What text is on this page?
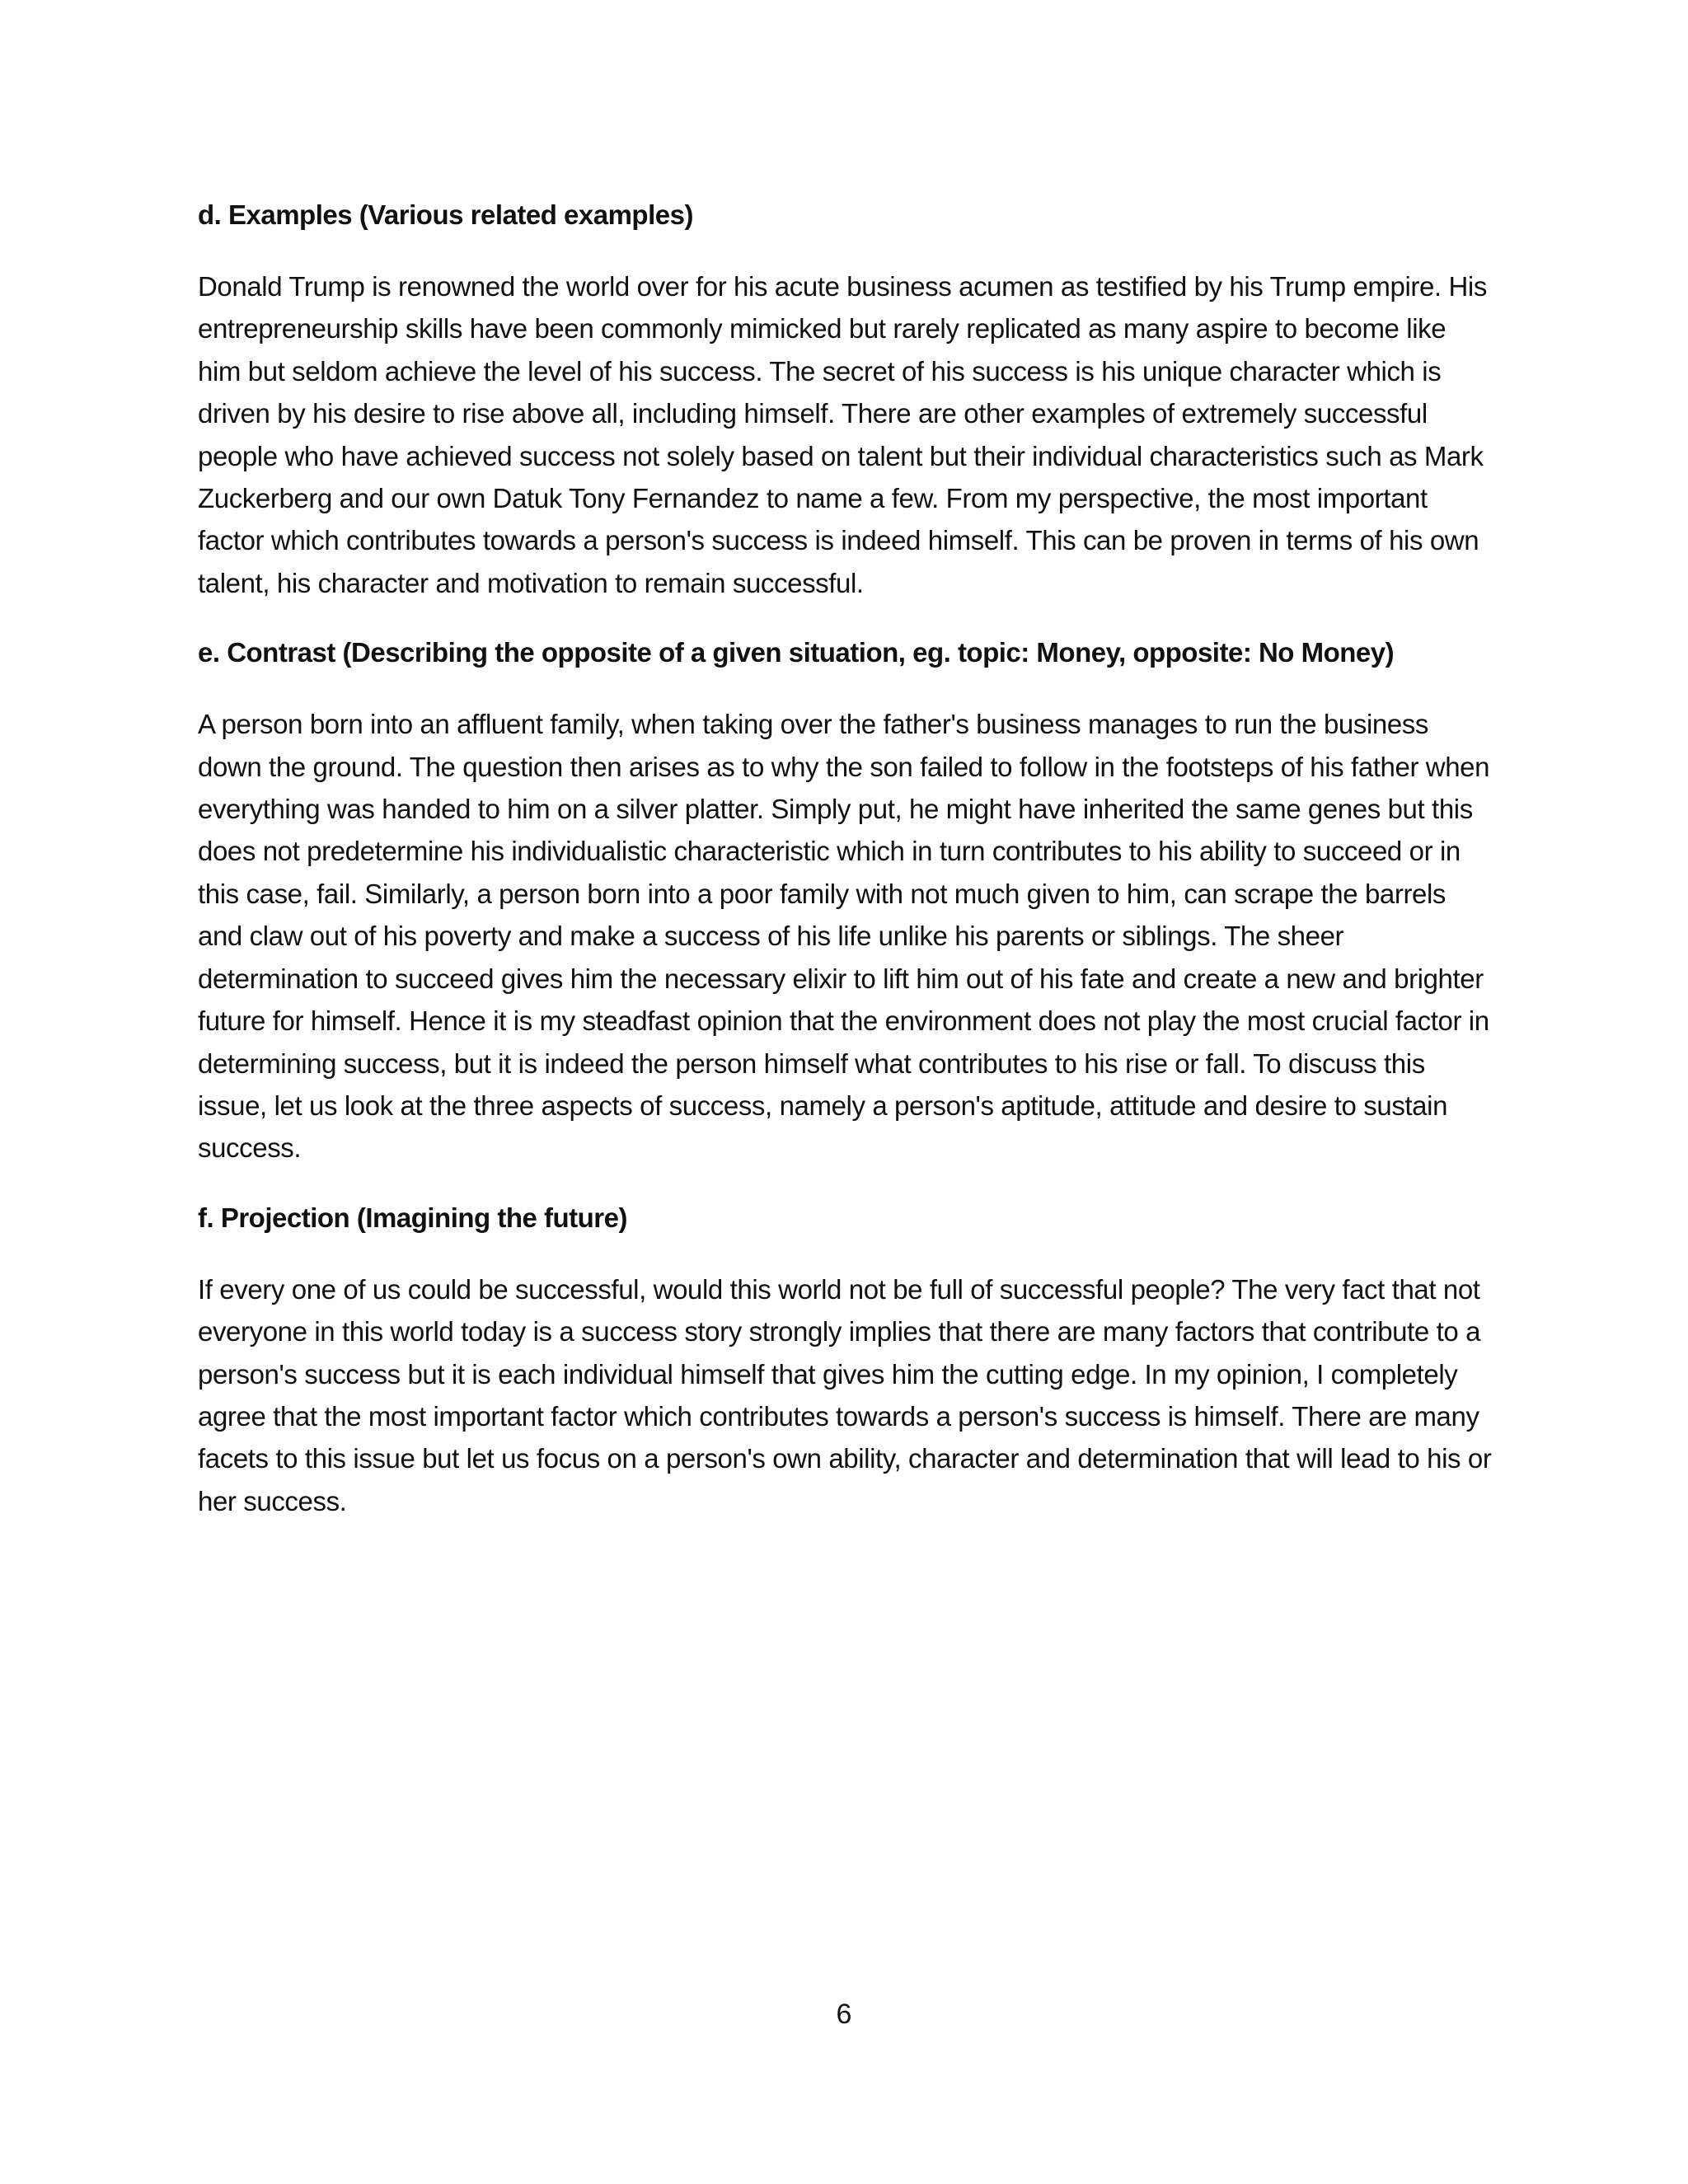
d. Examples (Various related examples)

Donald Trump is renowned the world over for his acute business acumen as testified by his Trump empire. His entrepreneurship skills have been commonly mimicked but rarely replicated as many aspire to become like him but seldom achieve the level of his success. The secret of his success is his unique character which is driven by his desire to rise above all, including himself. There are other examples of extremely successful people who have achieved success not solely based on talent but their individual characteristics such as Mark Zuckerberg and our own Datuk Tony Fernandez to name a few. From my perspective, the most important factor which contributes towards a person's success is indeed himself. This can be proven in terms of his own talent, his character and motivation to remain successful.

e. Contrast (Describing the opposite of a given situation, eg. topic: Money, opposite: No Money)

A person born into an affluent family, when taking over the father's business manages to run the business down the ground. The question then arises as to why the son failed to follow in the footsteps of his father when everything was handed to him on a silver platter. Simply put, he might have inherited the same genes but this does not predetermine his individualistic characteristic which in turn contributes to his ability to succeed or in this case, fail. Similarly, a person born into a poor family with not much given to him, can scrape the barrels and claw out of his poverty and make a success of his life unlike his parents or siblings. The sheer determination to succeed gives him the necessary elixir to lift him out of his fate and create a new and brighter future for himself. Hence it is my steadfast opinion that the environment does not play the most crucial factor in determining success, but it is indeed the person himself what contributes to his rise or fall. To discuss this issue, let us look at the three aspects of success, namely a person's aptitude, attitude and desire to sustain success.

f. Projection (Imagining the future)

If every one of us could be successful, would this world not be full of successful people? The very fact that not everyone in this world today is a success story strongly implies that there are many factors that contribute to a person's success but it is each individual himself that gives him the cutting edge. In my opinion, I completely agree that the most important factor which contributes towards a person's success is himself. There are many facets to this issue but let us focus on a person's own ability, character and determination that will lead to his or her success.

6
